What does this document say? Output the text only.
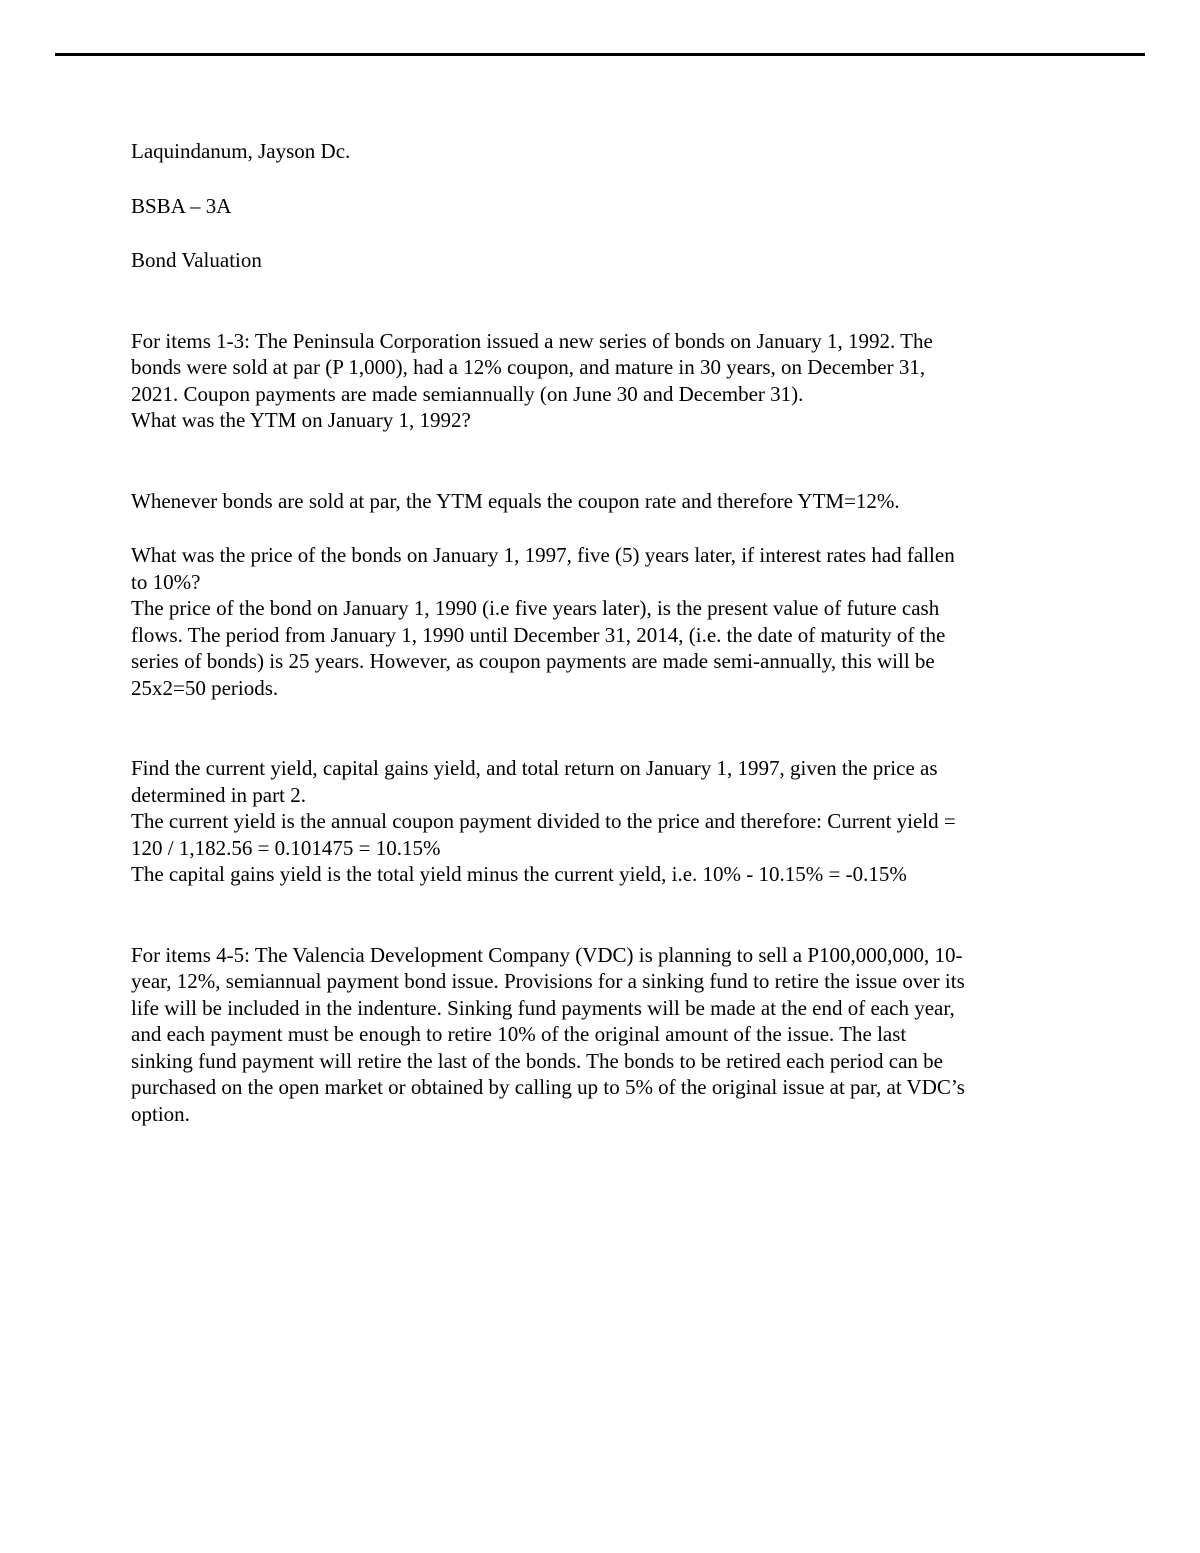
Laquindanum, Jayson Dc.
BSBA – 3A
Bond Valuation
For items 1-3: The Peninsula Corporation issued a new series of bonds on January 1, 1992. The
bonds were sold at par (P 1,000), had a 12% coupon, and mature in 30 years, on December 31,
2021. Coupon payments are made semiannually (on June 30 and December 31).
What was the YTM on January 1, 1992?
Whenever bonds are sold at par, the YTM equals the coupon rate and therefore YTM=12%.
What was the price of the bonds on January 1, 1997, five (5) years later, if interest rates had fallen
to 10%?
The price of the bond on January 1, 1990 (i.e five years later), is the present value of future cash
flows. The period from January 1, 1990 until December 31, 2014, (i.e. the date of maturity of the
series of bonds) is 25 years. However, as coupon payments are made semi-annually, this will be
25x2=50 periods.
Find the current yield, capital gains yield, and total return on January 1, 1997, given the price as
determined in part 2.
The current yield is the annual coupon payment divided to the price and therefore: Current yield =
120 / 1,182.56 = 0.101475 = 10.15%
The capital gains yield is the total yield minus the current yield, i.e. 10% - 10.15% = -0.15%
For items 4-5: The Valencia Development Company (VDC) is planning to sell a P100,000,000, 10-
year, 12%, semiannual payment bond issue. Provisions for a sinking fund to retire the issue over its
life will be included in the indenture. Sinking fund payments will be made at the end of each year,
and each payment must be enough to retire 10% of the original amount of the issue. The last
sinking fund payment will retire the last of the bonds. The bonds to be retired each period can be
purchased on the open market or obtained by calling up to 5% of the original issue at par, at VDC’s
option.
